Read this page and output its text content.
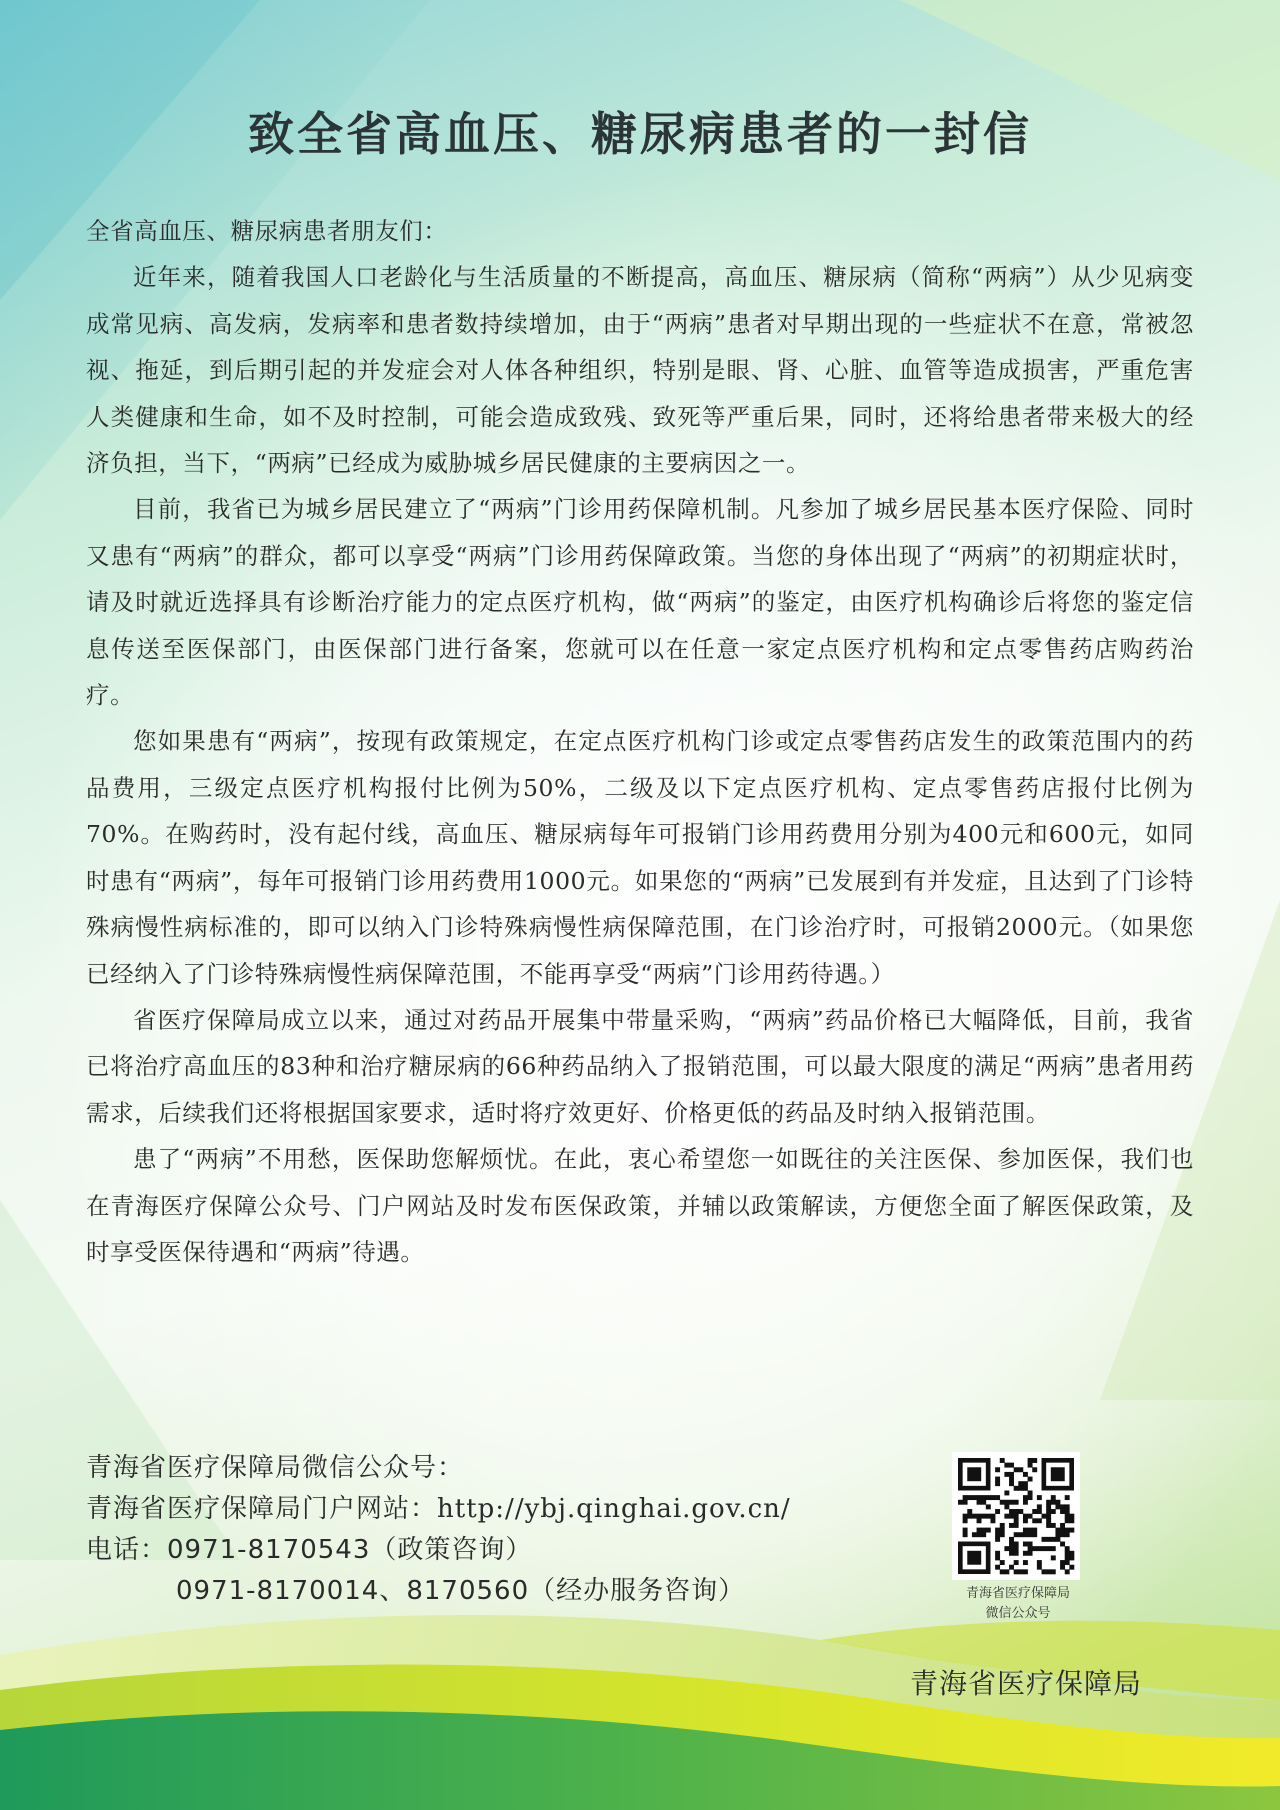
致全省高血压、糖尿病患者的一封信

全省高血压、糖尿病患者朋友们：

近年来，随着我国人口老龄化与生活质量的不断提高，高血压、糖尿病（简称“两病”）从少见病变成常见病、高发病，发病率和患者数持续增加，由于“两病”患者对早期出现的一些症状不在意，常被忽视、拖延，到后期引起的并发症会对人体各种组织，特别是眼、肾、心脏、血管等造成损害，严重危害人类健康和生命，如不及时控制，可能会造成致残、致死等严重后果，同时，还将给患者带来极大的经济负担，当下，“两病”已经成为威胁城乡居民健康的主要病因之一。

目前，我省已为城乡居民建立了“两病”门诊用药保障机制。凡参加了城乡居民基本医疗保险、同时又患有“两病”的群众，都可以享受“两病”门诊用药保障政策。当您的身体出现了“两病”的初期症状时，请及时就近选择具有诊断治疗能力的定点医疗机构，做“两病”的鉴定，由医疗机构确诊后将您的鉴定信息传送至医保部门，由医保部门进行备案，您就可以在任意一家定点医疗机构和定点零售药店购药治疗。

您如果患有“两病”，按现有政策规定，在定点医疗机构门诊或定点零售药店发生的政策范围内的药品费用，三级定点医疗机构报付比例为50%，二级及以下定点医疗机构、定点零售药店报付比例为70%。在购药时，没有起付线，高血压、糖尿病每年可报销门诊用药费用分别为400元和600元，如同时患有“两病”，每年可报销门诊用药费用1000元。如果您的“两病”已发展到有并发症，且达到了门诊特殊病慢性病标准的，即可以纳入门诊特殊病慢性病保障范围，在门诊治疗时，可报销2000元。（如果您已经纳入了门诊特殊病慢性病保障范围，不能再享受“两病”门诊用药待遇。）

省医疗保障局成立以来，通过对药品开展集中带量采购，“两病”药品价格已大幅降低，目前，我省已将治疗高血压的83种和治疗糖尿病的66种药品纳入了报销范围，可以最大限度的满足“两病”患者用药需求，后续我们还将根据国家要求，适时将疗效更好、价格更低的药品及时纳入报销范围。

患了“两病”不用愁，医保助您解烦忧。在此，衷心希望您一如既往的关注医保、参加医保，我们也在青海医疗保障公众号、门户网站及时发布医保政策，并辅以政策解读，方便您全面了解医保政策，及时享受医保待遇和“两病”待遇。

青海省医疗保障局微信公众号：
青海省医疗保障局门户网站：http://ybj.qinghai.gov.cn/
电话：0971-8170543（政策咨询）
0971-8170014、8170560（经办服务咨询）	青海省医疗保障局
微信公众号
青海省医疗保障局
